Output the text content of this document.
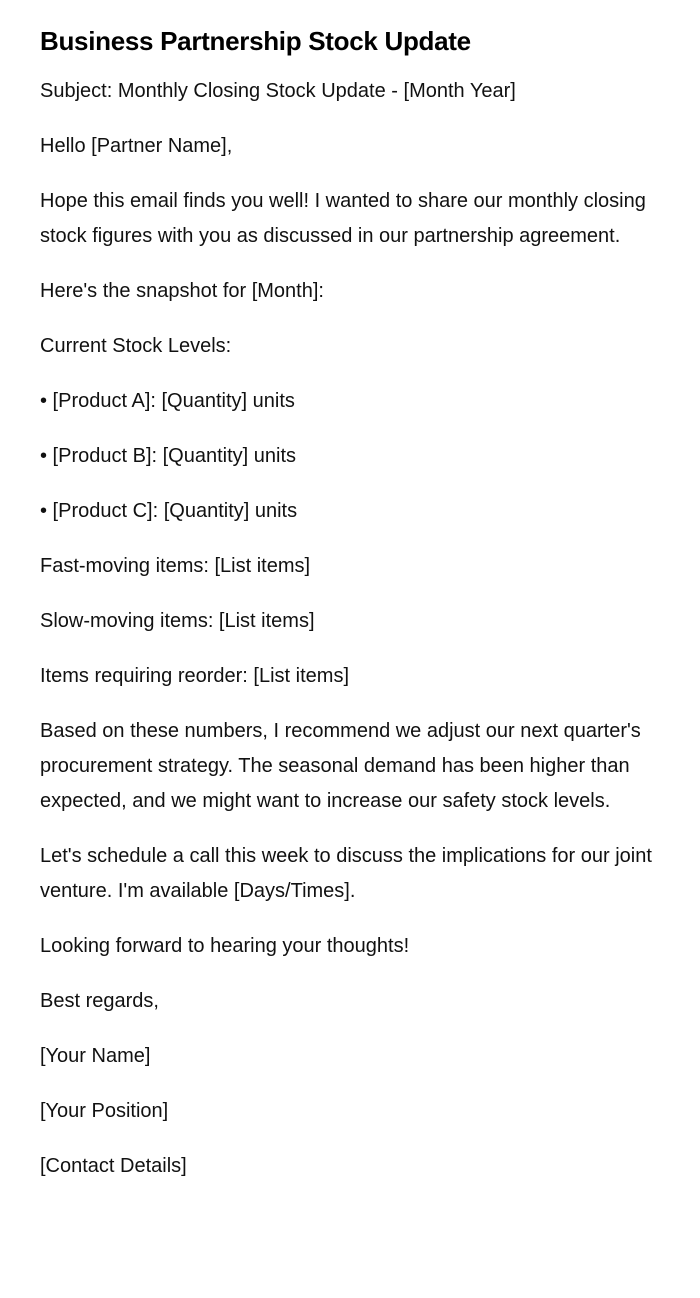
Business Partnership Stock Update

Subject: Monthly Closing Stock Update - [Month Year]

Hello [Partner Name],

Hope this email finds you well! I wanted to share our monthly closing stock figures with you as discussed in our partnership agreement.

Here's the snapshot for [Month]:

Current Stock Levels:

• [Product A]: [Quantity] units

• [Product B]: [Quantity] units

• [Product C]: [Quantity] units

Fast-moving items: [List items]

Slow-moving items: [List items]

Items requiring reorder: [List items]

Based on these numbers, I recommend we adjust our next quarter's procurement strategy. The seasonal demand has been higher than expected, and we might want to increase our safety stock levels.

Let's schedule a call this week to discuss the implications for our joint venture. I'm available [Days/Times].

Looking forward to hearing your thoughts!

Best regards,

[Your Name]

[Your Position]

[Contact Details]
